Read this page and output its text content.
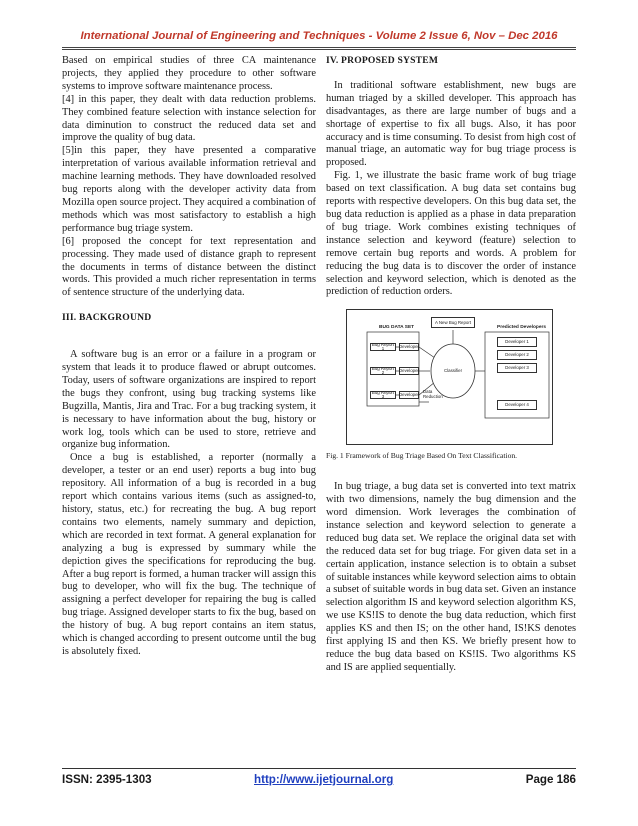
International Journal of Engineering and Techniques - Volume 2 Issue 6, Nov – Dec 2016

Based on empirical studies of three CA maintenance projects, they applied they procedure to other software systems to improve software maintenance process.

[4] in this paper, they dealt with data reduction problems. They combined feature selection with instance selection for data diminution to construct the reduced data set and improve the quality of bug data.

[5]in this paper, they have presented a comparative interpretation of various available information retrieval and machine learning methods. They have downloaded resolved bug reports along with the developer activity data from Mozilla open source project. They acquired a combination of methods which was most satisfactory to establish a high performance bug triage system.

[6] proposed the concept for text representation and processing. They made used of distance graph to represent the documents in terms of distance between the distinct words. This provided a much richer representation in terms of sentence structure of the underlying data.

III. BACKGROUND

A software bug is an error or a failure in a program or system that leads it to produce flawed or abrupt outcomes. Today, users of software organizations are inspired to report the bugs they confront, using bug tracking systems like Bugzilla, Mantis, Jira and Trac. For a bug tracking system, it is necessary to have information about the bug, history or work log, tools which can be used to store, retrieve and organize bug information.

Once a bug is established, a reporter (normally a developer, a tester or an end user) reports a bug into bug repository. All information of a bug is recorded in a bug report which contains various items (such as assigned-to, history, status, etc.) for recreating the bug. A bug report contains two elements, namely summary and depiction, which are recorded in text format. A general explanation for analyzing a bug is expressed by summary while the depiction gives the specifications for reproducing the bug. After a bug report is formed, a human tracker will assign this bug to developer, who will fix the bug. The technique of assigning a perfect developer for repairing the bug is called bug triage. Assigned developer starts to fix the bug, based on the history of bug. A bug report contains an item status, which is changed according to present outcome until the bug is absolutely fixed.

IV. PROPOSED SYSTEM

In traditional software establishment, new bugs are human triaged by a skilled developer. This approach has disadvantages, as there are large number of bugs and a shortage of expertise to fix all bugs. Also, it has poor accuracy and is time consuming. To desist from high cost of manual triage, an automatic way for bug triage process is proposed.

Fig. 1, we illustrate the basic frame work of bug triage based on text classification. A bug data set contains bug reports with respective developers. On this bug data set, the bug data reduction is applied as a phase in data preparation of bug triage. Work combines existing techniques of instance selection and keyword (feature) selection to remove certain bug reports and words. A problem for reducing the bug data is to discover the order of instance selection and keyword selection, which is denoted as the prediction of reduction orders.

A New Bug Report
BUG DATA SET	Predicted Developers
Bug Report 1	Developer
Bug Report 2	Developer
Bug Report 3	Developer
Classifier
Data
Reduction
Developer 1
Developer 2
Developer 3
Developer 4
Fig. 1 Framework of Bug Triage Based On Text Classification.

In bug triage, a bug data set is converted into text matrix with two dimensions, namely the bug dimension and the word dimension. Work leverages the combination of instance selection and keyword selection to generate a reduced bug data set. We replace the original data set with the reduced data set for bug triage. For given data set in a certain application, instance selection is to obtain a subset of suitable instances while keyword selection aims to obtain a subset of suitable words in bug data set. Given an instance selection algorithm IS and keyword selection algorithm KS, we use KS!IS to denote the bug data reduction, which first applies KS and then IS; on the other hand, IS!KS denotes first applying IS and then KS. We briefly present how to reduce the bug data based on KS!IS. Two algorithms KS and IS are applied sequentially.

ISSN: 2395-1303	http://www.ijetjournal.org	Page 186
